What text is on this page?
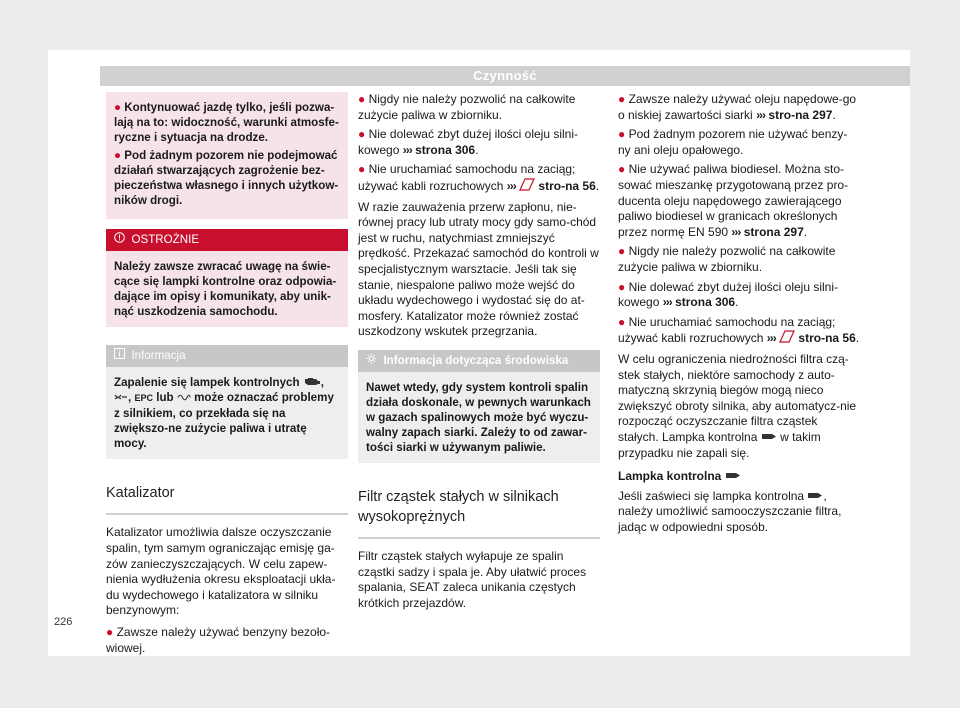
Czynność
● Kontynuować jazdę tylko, jeśli pozwa-lają na to: widoczność, warunki atmosfe-ryczne i sytuacja na drodze.
● Pod żadnym pozorem nie podejmować działań stwarzających zagrożenie bez-pieczeństwa własnego i innych użytkow-ników drogi.
OSTROŻNIE
Należy zawsze zwracać uwagę na świe-cące się lampki kontrolne oraz odpowia-dające im opisy i komunikaty, aby unik-nąć uszkodzenia samochodu.
Informacja
Zapalenie się lampek kontrolnych , , EPC lub może oznaczać problemy z silnikiem, co przekłada się na zwiększo-ne zużycie paliwa i utratę mocy.
Katalizator
Katalizator umożliwia dalsze oczyszczanie spalin, tym samym ograniczając emisję ga-zów zanieczyszczających. W celu zapew-nienia wydłużenia okresu eksploatacji ukła-du wydechowego i katalizatora w silniku benzynowym:
● Zawsze należy używać benzyny bezoło-wiowej.
● Nigdy nie należy pozwolić na całkowite zużycie paliwa w zbiorniku.
● Nie dolewać zbyt dużej ilości oleju silni-kowego ››› strona 306.
● Nie uruchamiać samochodu na zaciąg; używać kabli rozruchowych ››› stro-na 56.
W razie zauważenia przerw zapłonu, nie-równej pracy lub utraty mocy gdy samo-chód jest w ruchu, natychmiast zmniejszyć prędkość. Przekazać samochód do kontroli w specjalistycznym warsztacie. Jeśli tak się stanie, niespalone paliwo może wejść do układu wydechowego i wydostać się do at-mosfery. Katalizator może również zostać uszkodzony wskutek przegrzania.
Informacja dotycząca środowiska
Nawet wtedy, gdy system kontroli spalin działa doskonale, w pewnych warunkach w gazach spalinowych może być wyczu-walny zapach siarki. Zależy to od zawar-tości siarki w używanym paliwie.
Filtr cząstek stałych w silnikach wysokoprężnych
Filtr cząstek stałych wyłapuje ze spalin cząstki sadzy i spala je. Aby ułatwić proces spalania, SEAT zaleca unikania częstych krótkich przejazdów.
● Zawsze należy używać oleju napędowe-go o niskiej zawartości siarki ››› stro-na 297.
● Pod żadnym pozorem nie używać benzy-ny ani oleju opałowego.
● Nie używać paliwa biodiesel. Można sto-sować mieszankę przygotowaną przez pro-ducenta oleju napędowego zawierającego paliwo biodiesel w granicach określonych przez normę EN 590 ››› strona 297.
● Nigdy nie należy pozwolić na całkowite zużycie paliwa w zbiorniku.
● Nie dolewać zbyt dużej ilości oleju silni-kowego ››› strona 306.
● Nie uruchamiać samochodu na zaciąg; używać kabli rozruchowych ››› stro-na 56.
W celu ograniczenia niedrożności filtra czą-stek stałych, niektóre samochody z auto-matyczną skrzynią biegów mogą nieco zwiększyć obroty silnika, aby automatycz-nie rozpocząć oczyszczanie filtra cząstek stałych. Lampka kontrolna w takim przypadku nie zapali się.
Lampka kontrolna
Jeśli zaświeci się lampka kontrolna , należy umożliwić samooczyszczanie filtra, jadąc w odpowiedni sposób.
226
